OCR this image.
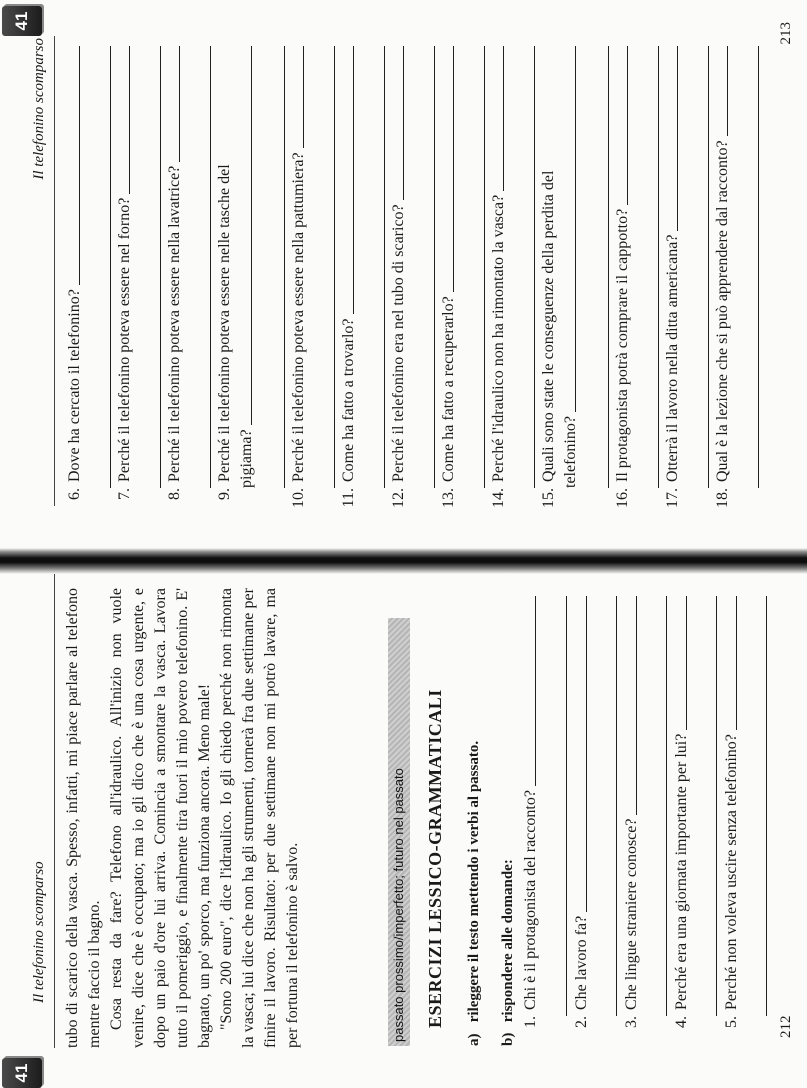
41
Il telefonino scomparso tubo di scarico della vasca. Spesso, infatti, mi piace parlare al telefono mentre faccio il bagno. Cosa resta da fare? Telefono all'idraulico. All'inizio non vuole venire, dice che è occupato; ma io gli dico che è una cosa urgente, e dopo un paio d'ore lui arriva. Comincia a smontare la vasca. Lavora tutto il pomeriggio, e finalmente tira fuori il mio povero telefonino. E' bagnato, un po' sporco, ma funziona ancora. Meno male! "Sono 200 euro", dice l'idraulico. Io gli chiedo perché non rimonta la vasca; lui dice che non ha gli strumenti, tornerà fra due settimane per finire il lavoro. Risultato: per due settimane non mi potrò lavare, ma per fortuna il telefonino è salvo.	passato prossimo/imperfetto; futuro nel passato ESERCIZI LESSICO-GRAMMATICALI
a) rileggere il testo mettendo i verbi al passato.
b) rispondere alle domande: 1.
Chi è il protagonista del racconto?
2.
Che lavoro fa?
3.
Che lingue straniere conosce?
4.
Perché era una giornata importante per lui?
5.
Perché non voleva uscire senza telefonino?
212
Il telefonino scomparso
41
6.
Dove ha cercato il telefonino?
7.
Perché il telefonino poteva essere nel forno?
8.
Perché il telefonino poteva essere nella lavatrice?
9.
Perché il telefonino poteva essere nelle tasche del pigiama?
10.
Perché il telefonino poteva essere nella pattumiera?
11.
Come ha fatto a trovarlo?
12.
Perché il telefonino era nel tubo di scarico?
13.
Come ha fatto a recuperarlo?
14.
Perché l'idraulico non ha rimontato la vasca?
15.
Quali sono state le conseguenze della perdita del telefonino?
16.
Il protagonista potrà comprare il cappotto?
17.
Otterrà il lavoro nella ditta americana?
18.
Qual è la lezione che si può apprendere dal racconto?
213
